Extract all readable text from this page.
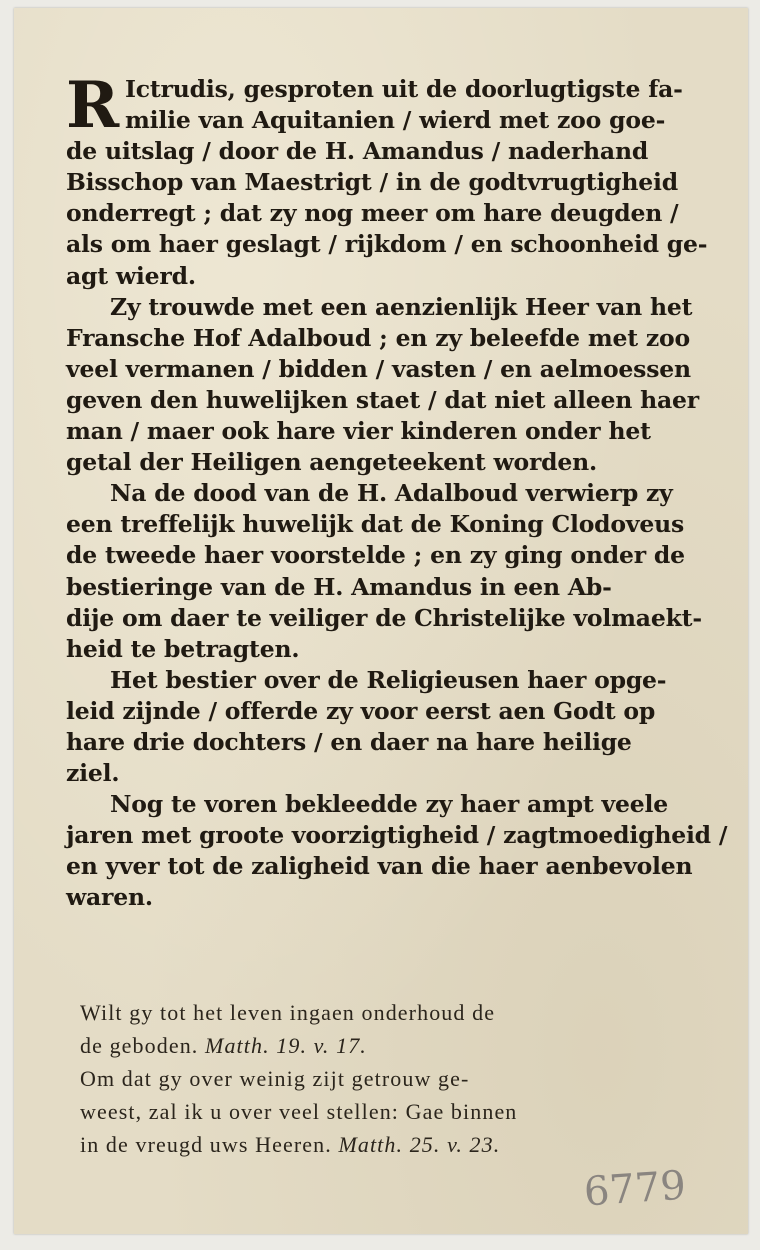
R Ictrudis, gesproten uit de doorlugtigste fa-
milie van Aquitanien / wierd met zoo goe-
de uitslag / door de H. Amandus / naderhand
Bisschop van Maestrigt / in de godtvrugtigheid
onderregt ; dat zy nog meer om hare deugden /
als om haer geslagt / rijkdom / en schoonheid ge-
agt wierd.

Zy trouwde met een aenzienlijk Heer van het
Fransche Hof Adalboud ; en zy beleefde met zoo
veel vermanen / bidden / vasten / en aelmoessen
geven den huwelijken staet / dat niet alleen haer
man / maer ook hare vier kinderen onder het
getal der Heiligen aengeteekent worden.

Na de dood van de H. Adalboud verwierp zy
een treffelijk huwelijk dat de Koning Clodoveus
de tweede haer voorstelde ; en zy ging onder de
bestieringe van de H. Amandus in een Ab-
dije om daer te veiliger de Christelijke volmaekt-
heid te betragten.

Het bestier over de Religieusen haer opge-
leid zijnde / offerde zy voor eerst aen Godt op
hare drie dochters / en daer na hare heilige
ziel.

Nog te voren bekleedde zy haer ampt veele
jaren met groote voorzigtigheid / zagtmoedigheid /
en yver tot de zaligheid van die haer aenbevolen
waren.

Wilt gy tot het leven ingaen onderhoud de
de geboden. Matth. 19. v. 17.
Om dat gy over weinig zijt getrouw ge-
weest, zal ik u over veel stellen: Gae binnen
in de vreugd uws Heeren. Matth. 25. v. 23.
6779
